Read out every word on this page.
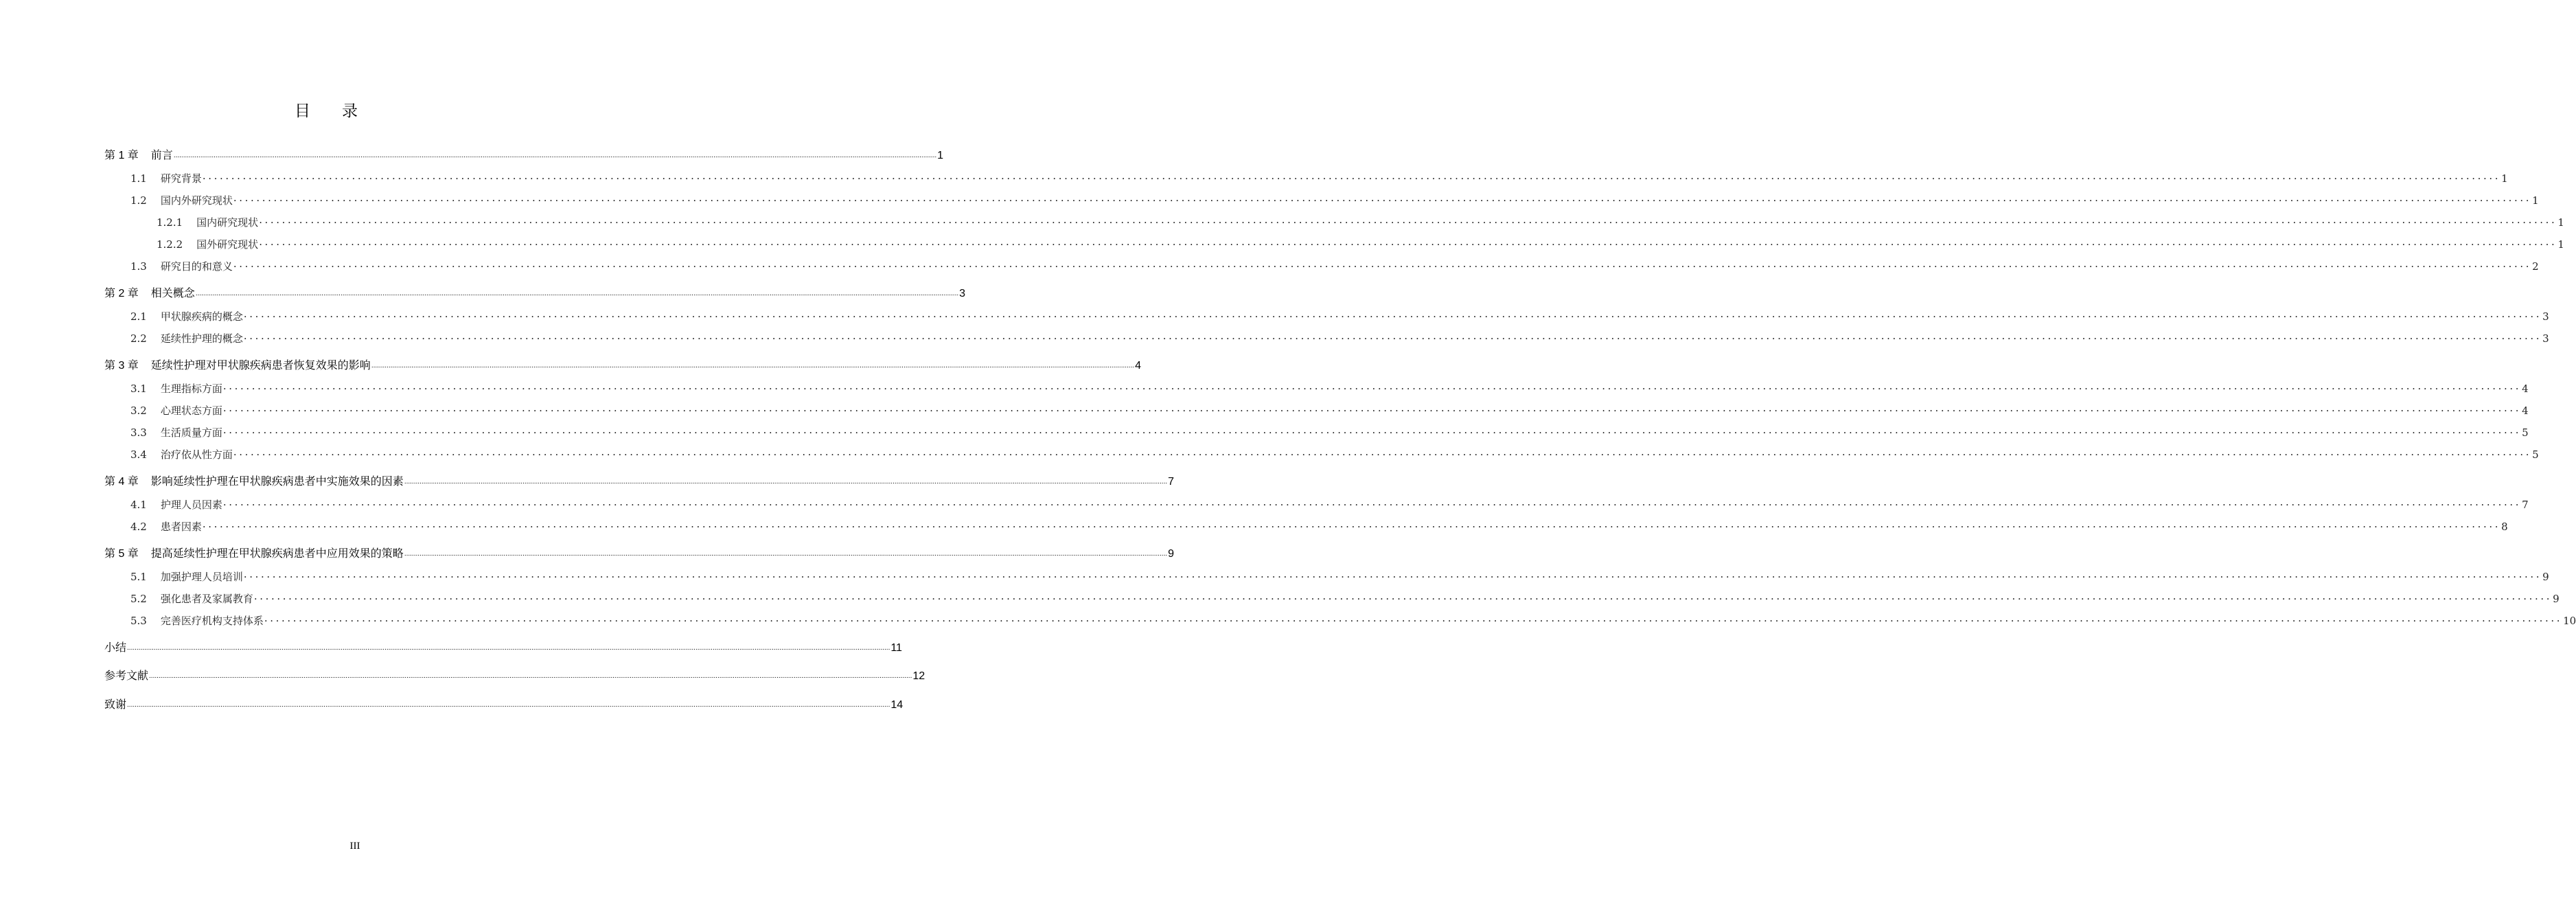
目 录
第 1 章 前言 ................................................................................................................................................................................................................................................................................................................................................................................................................ 1
1.1 研究背景 ................................................................................................................................................................................................................................................................................................................................................................................................................ 1
1.2 国内外研究现状 ................................................................................................................................................................................................................................................................................................................................................................................................................ 1
1.2.1 国内研究现状 ................................................................................................................................................................................................................................................................................................................................................................................................................ 1
1.2.2 国外研究现状 ................................................................................................................................................................................................................................................................................................................................................................................................................ 1
1.3 研究目的和意义 ................................................................................................................................................................................................................................................................................................................................................................................................................ 2
第 2 章 相关概念 ................................................................................................................................................................................................................................................................................................................................................................................................................ 3
2.1 甲状腺疾病的概念 ................................................................................................................................................................................................................................................................................................................................................................................................................ 3
2.2 延续性护理的概念 ................................................................................................................................................................................................................................................................................................................................................................................................................ 3
第 3 章 延续性护理对甲状腺疾病患者恢复效果的影响 ................................................................................................................................................................................................................................................................................................................................................................................................................ 4
3.1 生理指标方面 ................................................................................................................................................................................................................................................................................................................................................................................................................ 4
3.2 心理状态方面 ................................................................................................................................................................................................................................................................................................................................................................................................................ 4
3.3 生活质量方面 ................................................................................................................................................................................................................................................................................................................................................................................................................ 5
3.4 治疗依从性方面 ................................................................................................................................................................................................................................................................................................................................................................................................................ 5
第 4 章 影响延续性护理在甲状腺疾病患者中实施效果的因素 ................................................................................................................................................................................................................................................................................................................................................................................................................ 7
4.1 护理人员因素 ................................................................................................................................................................................................................................................................................................................................................................................................................ 7
4.2 患者因素 ................................................................................................................................................................................................................................................................................................................................................................................................................ 8
第 5 章 提高延续性护理在甲状腺疾病患者中应用效果的策略 ................................................................................................................................................................................................................................................................................................................................................................................................................ 9
5.1 加强护理人员培训 ................................................................................................................................................................................................................................................................................................................................................................................................................ 9
5.2 强化患者及家属教育 ................................................................................................................................................................................................................................................................................................................................................................................................................ 9
5.3 完善医疗机构支持体系 ................................................................................................................................................................................................................................................................................................................................................................................................................ 10
小结 ................................................................................................................................................................................................................................................................................................................................................................................................................ 11
参考文献 ................................................................................................................................................................................................................................................................................................................................................................................................................ 12
致谢 ................................................................................................................................................................................................................................................................................................................................................................................................................ 14
III
